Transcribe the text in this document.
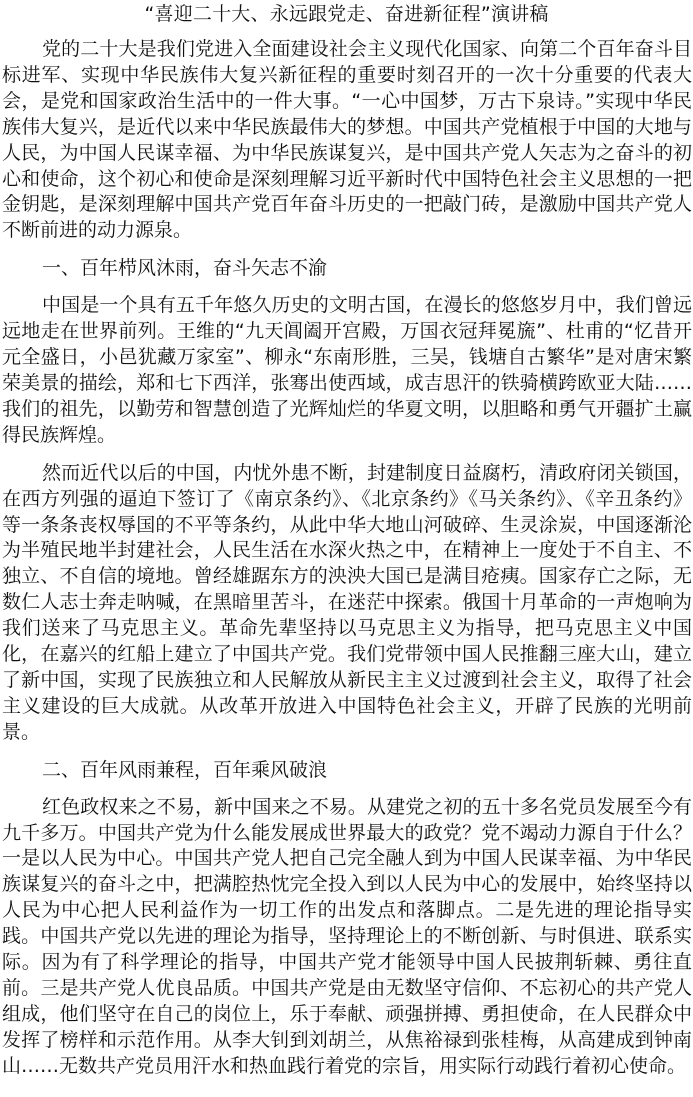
“喜迎二十大、永远跟党走、奋进新征程”演讲稿

党的二十大是我们党进入全面建设社会主义现代化国家、向第二个百年奋斗目标进军、实现中华民族伟大复兴新征程的重要时刻召开的一次十分重要的代表大会，是党和国家政治生活中的一件大事。“一心中国梦，万古下泉诗。”实现中华民族伟大复兴，是近代以来中华民族最伟大的梦想。中国共产党植根于中国的大地与人民，为中国人民谋幸福、为中华民族谋复兴，是中国共产党人矢志为之奋斗的初心和使命，这个初心和使命是深刻理解习近平新时代中国特色社会主义思想的一把金钥匙，是深刻理解中国共产党百年奋斗历史的一把敲门砖，是激励中国共产党人不断前进的动力源泉。

一、百年栉风沐雨，奋斗矢志不渝

中国是一个具有五千年悠久历史的文明古国，在漫长的悠悠岁月中，我们曾远远地走在世界前列。王维的“九天阊阖开宫殿，万国衣冠拜冕旒”、杜甫的“忆昔开元全盛日，小邑犹藏万家室”、柳永“东南形胜，三吴，钱塘自古繁华”是对唐宋繁荣美景的描绘，郑和七下西洋，张骞出使西域，成吉思汗的铁骑横跨欧亚大陆……我们的祖先，以勤劳和智慧创造了光辉灿烂的华夏文明，以胆略和勇气开疆扩土赢得民族辉煌。

然而近代以后的中国，内忧外患不断，封建制度日益腐朽，清政府闭关锁国，在西方列强的逼迫下签订了《南京条约》、《北京条约》《马关条约》、《辛丑条约》等一条条丧权辱国的不平等条约，从此中华大地山河破碎、生灵涂炭，中国逐渐沦为半殖民地半封建社会，人民生活在水深火热之中，在精神上一度处于不自主、不独立、不自信的境地。曾经雄踞东方的泱泱大国已是满目疮痍。国家存亡之际，无数仁人志士奔走呐喊，在黑暗里苦斗，在迷茫中探索。俄国十月革命的一声炮响为我们送来了马克思主义。革命先辈坚持以马克思主义为指导，把马克思主义中国化，在嘉兴的红船上建立了中国共产党。我们党带领中国人民推翻三座大山，建立了新中国，实现了民族独立和人民解放从新民主主义过渡到社会主义，取得了社会主义建设的巨大成就。从改革开放进入中国特色社会主义，开辟了民族的光明前景。

二、百年风雨兼程，百年乘风破浪

红色政权来之不易，新中国来之不易。从建党之初的五十多名党员发展至今有九千多万。中国共产党为什么能发展成世界最大的政党？党不竭动力源自于什么？一是以人民为中心。中国共产党人把自己完全融人到为中国人民谋幸福、为中华民族谋复兴的奋斗之中，把满腔热忱完全投入到以人民为中心的发展中，始终坚持以人民为中心把人民利益作为一切工作的出发点和落脚点。二是先进的理论指导实践。中国共产党以先进的理论为指导，坚持理论上的不断创新、与时俱进、联系实际。因为有了科学理论的指导，中国共产党才能领导中国人民披荆斩棘、勇往直前。三是共产党人优良品质。中国共产党是由无数坚守信仰、不忘初心的共产党人组成，他们坚守在自己的岗位上，乐于奉献、顽强拼搏、勇担使命，在人民群众中发挥了榜样和示范作用。从李大钊到刘胡兰，从焦裕禄到张桂梅，从高建成到钟南山……无数共产党员用汗水和热血践行着党的宗旨，用实际行动践行着初心使命。
